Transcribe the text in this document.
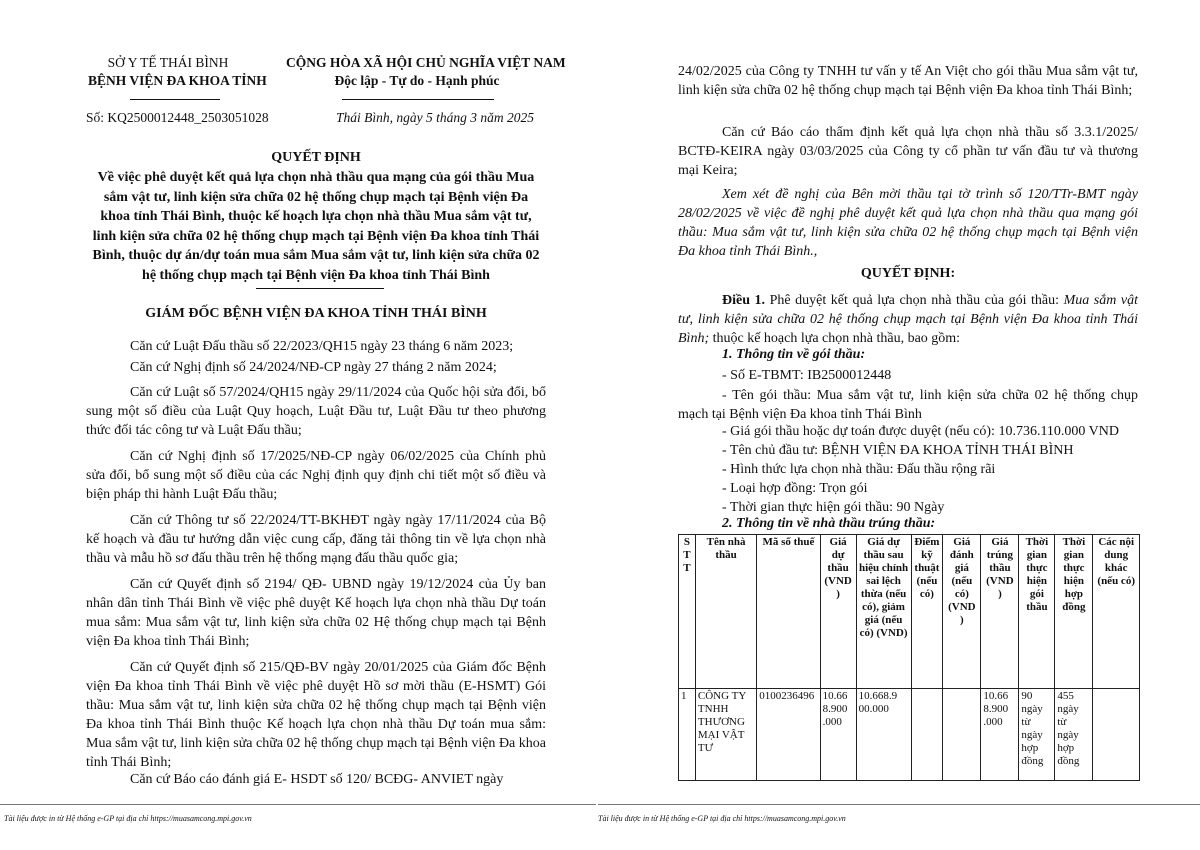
SỞ Y TẾ THÁI BÌNH
BỆNH VIỆN ĐA KHOA TỈNH
CỘNG HÒA XÃ HỘI CHỦ NGHĨA VIỆT NAM
Độc lập - Tự do - Hạnh phúc
Số: KQ2500012448_2503051028	Thái Bình, ngày 5 tháng 3 năm 2025
QUYẾT ĐỊNH
Về việc phê duyệt kết quả lựa chọn nhà thầu qua mạng của gói thầu Mua
sắm vật tư, linh kiện sửa chữa 02 hệ thống chụp mạch tại Bệnh viện Đa
khoa tỉnh Thái Bình, thuộc kế hoạch lựa chọn nhà thầu Mua sắm vật tư,
linh kiện sửa chữa 02 hệ thống chụp mạch tại Bệnh viện Đa khoa tỉnh Thái
Bình, thuộc dự án/dự toán mua sắm Mua sắm vật tư, linh kiện sửa chữa 02
hệ thống chụp mạch tại Bệnh viện Đa khoa tỉnh Thái Bình
GIÁM ĐỐC BỆNH VIỆN ĐA KHOA TỈNH THÁI BÌNH
Căn cứ Luật Đấu thầu số 22/2023/QH15 ngày 23 tháng 6 năm 2023;
Căn cứ Nghị định số 24/2024/NĐ-CP ngày 27 tháng 2 năm 2024;
Căn cứ Luật số 57/2024/QH15 ngày 29/11/2024 của Quốc hội sửa đổi, bổ sung một số điều của Luật Quy hoạch, Luật Đầu tư, Luật Đầu tư theo phương thức đối tác công tư và Luật Đấu thầu;
Căn cứ Nghị định số 17/2025/NĐ-CP ngày 06/02/2025 của Chính phủ sửa đổi, bổ sung một số điều của các Nghị định quy định chi tiết một số điều và biện pháp thi hành Luật Đấu thầu;
Căn cứ Thông tư số 22/2024/TT-BKHĐT ngày ngày 17/11/2024 của Bộ kế hoạch và đầu tư hướng dẫn việc cung cấp, đăng tải thông tin về lựa chọn nhà thầu và mẫu hồ sơ đấu thầu trên hệ thống mạng đấu thầu quốc gia;
Căn cứ Quyết định số 2194/ QĐ- UBND ngày 19/12/2024 của Ủy ban nhân dân tỉnh Thái Bình về việc phê duyệt Kế hoạch lựa chọn nhà thầu Dự toán mua sắm: Mua sắm vật tư, linh kiện sửa chữa 02 Hệ thống chụp mạch tại Bệnh viện Đa khoa tỉnh Thái Bình;
Căn cứ Quyết định số 215/QĐ-BV ngày 20/01/2025 của Giám đốc Bệnh viện Đa khoa tỉnh Thái Bình về việc phê duyệt Hồ sơ mời thầu (E-HSMT) Gói thầu: Mua sắm vật tư, linh kiện sửa chữa 02 hệ thống chụp mạch tại Bệnh viện Đa khoa tỉnh Thái Bình thuộc Kế hoạch lựa chọn nhà thầu Dự toán mua sắm: Mua sắm vật tư, linh kiện sửa chữa 02 hệ thống chụp mạch tại Bệnh viện Đa khoa tỉnh Thái Bình;
Căn cứ Báo cáo đánh giá E- HSDT số 120/ BCĐG- ANVIET ngày
Tài liệu được in từ Hệ thống e-GP tại địa chỉ https://muasamcong.mpi.gov.vn
24/02/2025 của Công ty TNHH tư vấn y tế An Việt cho gói thầu Mua sắm vật tư, linh kiện sửa chữa 02 hệ thống chụp mạch tại Bệnh viện Đa khoa tỉnh Thái Bình;
Căn cứ Báo cáo thẩm định kết quả lựa chọn nhà thầu số 3.3.1/2025/ BCTĐ-KEIRA ngày 03/03/2025 của Công ty cổ phần tư vấn đầu tư và thương mại Keira;
Xem xét đề nghị của Bên mời thầu tại tờ trình số 120/TTr-BMT ngày 28/02/2025 về việc đề nghị phê duyệt kết quả lựa chọn nhà thầu qua mạng gói thầu: Mua sắm vật tư, linh kiện sửa chữa 02 hệ thống chụp mạch tại Bệnh viện Đa khoa tỉnh Thái Bình.,
QUYẾT ĐỊNH:
Điều 1. Phê duyệt kết quả lựa chọn nhà thầu của gói thầu: Mua sắm vật tư, linh kiện sửa chữa 02 hệ thống chụp mạch tại Bệnh viện Đa khoa tỉnh Thái Bình; thuộc kế hoạch lựa chọn nhà thầu, bao gồm:
1. Thông tin về gói thầu:
- Số E-TBMT: IB2500012448
- Tên gói thầu: Mua sắm vật tư, linh kiện sửa chữa 02 hệ thống chụp mạch tại Bệnh viện Đa khoa tỉnh Thái Bình
- Giá gói thầu hoặc dự toán được duyệt (nếu có): 10.736.110.000 VND
- Tên chủ đầu tư: BỆNH VIỆN ĐA KHOA TỈNH THÁI BÌNH
- Hình thức lựa chọn nhà thầu: Đấu thầu rộng rãi
- Loại hợp đồng: Trọn gói
- Thời gian thực hiện gói thầu: 90 Ngày
2. Thông tin về nhà thầu trúng thầu:
S T T	Tên nhà thầu	Mã số thuế	Giá dự thầu (VND )	Giá dự thầu sau hiệu chỉnh sai lệch thừa (nếu có), giảm giá (nếu có) (VND)	Điểm kỹ thuật (nếu có)	Giá đánh giá (nếu có) (VND )	Giá trúng thầu (VND )	Thời gian thực hiện gói thầu	Thời gian thực hiện hợp đồng	Các nội dung khác (nếu có)
1	CÔNG TY TNHH THƯƠNG MẠI VẬT TƯ	0100236496	10.66 8.900 .000	10.668.9 00.000			10.66 8.900 .000	90 ngày từ ngày hợp đồng	455 ngày từ ngày hợp đồng	
Tài liệu được in từ Hệ thống e-GP tại địa chỉ https://muasamcong.mpi.gov.vn
